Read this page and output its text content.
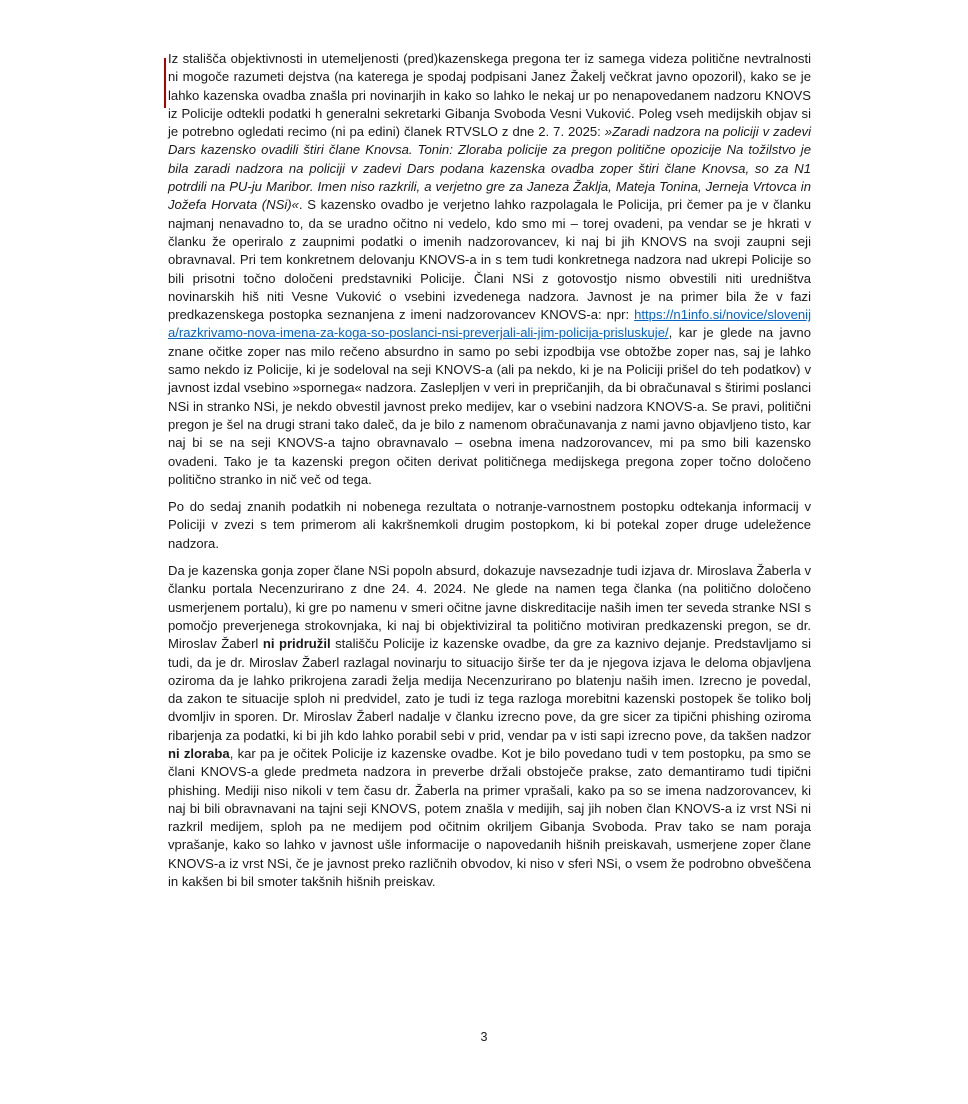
Iz stališča objektivnosti in utemeljenosti (pred)kazenskega pregona ter iz samega videza politične nevtralnosti ni mogoče razumeti dejstva (na katerega je spodaj podpisani Janez Žakelj večkrat javno opozoril), kako se je lahko kazenska ovadba znašla pri novinarjih in kako so lahko le nekaj ur po nenapovedanem nadzoru KNOVS iz Policije odtekli podatki h generalni sekretarki Gibanja Svoboda Vesni Vuković. Poleg vseh medijskih objav si je potrebno ogledati recimo (ni pa edini) članek RTVSLO z dne 2. 7. 2025: »Zaradi nadzora na policiji v zadevi Dars kazensko ovadili štiri člane Knovsa. Tonin: Zloraba policije za pregon politične opozicije Na tožilstvo je bila zaradi nadzora na policiji v zadevi Dars podana kazenska ovadba zoper štiri člane Knovsa, so za N1 potrdili na PU-ju Maribor. Imen niso razkrili, a verjetno gre za Janeza Žaklja, Mateja Tonina, Jerneja Vrtovca in Jožefa Horvata (NSi)«. S kazensko ovadbo je verjetno lahko razpolagala le Policija, pri čemer pa je v članku najmanj nenavadno to, da se uradno očitno ni vedelo, kdo smo mi – torej ovadeni, pa vendar se je hkrati v članku že operiralo z zaupnimi podatki o imenih nadzorovancev, ki naj bi jih KNOVS na svoji zaupni seji obravnaval. Pri tem konkretnem delovanju KNOVS-a in s tem tudi konkretnega nadzora nad ukrepi Policije so bili prisotni točno določeni predstavniki Policije. Člani NSi z gotovostjo nismo obvestili niti uredništva novinarskih hiš niti Vesne Vuković o vsebini izvedenega nadzora. Javnost je na primer bila že v fazi predkazenskega postopka seznanjena z imeni nadzorovancev KNOVS-a: npr: https://n1info.si/novice/slovenija/razkrivamo-nova-imena-za-koga-so-poslanci-nsi-preverjali-ali-jim-policija-prisluskuje/, kar je glede na javno znane očitke zoper nas milo rečeno absurdno in samo po sebi izpodbija vse obtožbe zoper nas, saj je lahko samo nekdo iz Policije, ki je sodeloval na seji KNOVS-a (ali pa nekdo, ki je na Policiji prišel do teh podatkov) v javnost izdal vsebino »spornega« nadzora. Zaslepljen v veri in prepričanjih, da bi obračunaval s štirimi poslanci NSi in stranko NSi, je nekdo obvestil javnost preko medijev, kar o vsebini nadzora KNOVS-a. Se pravi, politični pregon je šel na drugi strani tako daleč, da je bilo z namenom obračunavanja z nami javno objavljeno tisto, kar naj bi se na seji KNOVS-a tajno obravnavalo – osebna imena nadzorovancev, mi pa smo bili kazensko ovadeni. Tako je ta kazenski pregon očiten derivat političnega medijskega pregona zoper točno določeno politično stranko in nič več od tega.

Po do sedaj znanih podatkih ni nobenega rezultata o notranje-varnostnem postopku odtekanja informacij v Policiji v zvezi s tem primerom ali kakršnemkoli drugim postopkom, ki bi potekal zoper druge udeležence nadzora.

Da je kazenska gonja zoper člane NSi popoln absurd, dokazuje navsezadnje tudi izjava dr. Miroslava Žaberla v članku portala Necenzurirano z dne 24. 4. 2024. Ne glede na namen tega članka (na politično določeno usmerjenem portalu), ki gre po namenu v smeri očitne javne diskreditacije naših imen ter seveda stranke NSI s pomočjo preverjenega strokovnjaka, ki naj bi objektiviziral ta politično motiviran predkazenski pregon, se dr. Miroslav Žaberl ni pridružil stališču Policije iz kazenske ovadbe, da gre za kaznivo dejanje. Predstavljamo si tudi, da je dr. Miroslav Žaberl razlagal novinarju to situacijo širše ter da je njegova izjava le deloma objavljena oziroma da je lahko prikrojena zaradi želja medija Necenzurirano po blatenju naših imen. Izrecno je povedal, da zakon te situacije sploh ni predvidel, zato je tudi iz tega razloga morebitni kazenski postopek še toliko bolj dvomljiv in sporen. Dr. Miroslav Žaberl nadalje v članku izrecno pove, da gre sicer za tipični phishing oziroma ribarjenja za podatki, ki bi jih kdo lahko porabil sebi v prid, vendar pa v isti sapi izrecno pove, da takšen nadzor ni zloraba, kar pa je očitek Policije iz kazenske ovadbe. Kot je bilo povedano tudi v tem postopku, pa smo se člani KNOVS-a glede predmeta nadzora in preverbe držali obstoječe prakse, zato demantiramo tudi tipični phishing. Mediji niso nikoli v tem času dr. Žaberla na primer vprašali, kako pa so se imena nadzorovancev, ki naj bi bili obravnavani na tajni seji KNOVS, potem znašla v medijih, saj jih noben član KNOVS-a iz vrst NSi ni razkril medijem, sploh pa ne medijem pod očitnim okriljem Gibanja Svoboda. Prav tako se nam poraja vprašanje, kako so lahko v javnost ušle informacije o napovedanih hišnih preiskavah, usmerjene zoper člane KNOVS-a iz vrst NSi, če je javnost preko različnih obvodov, ki niso v sferi NSi, o vsem že podrobno obveščena in kakšen bi bil smoter takšnih hišnih preiskav.

3
